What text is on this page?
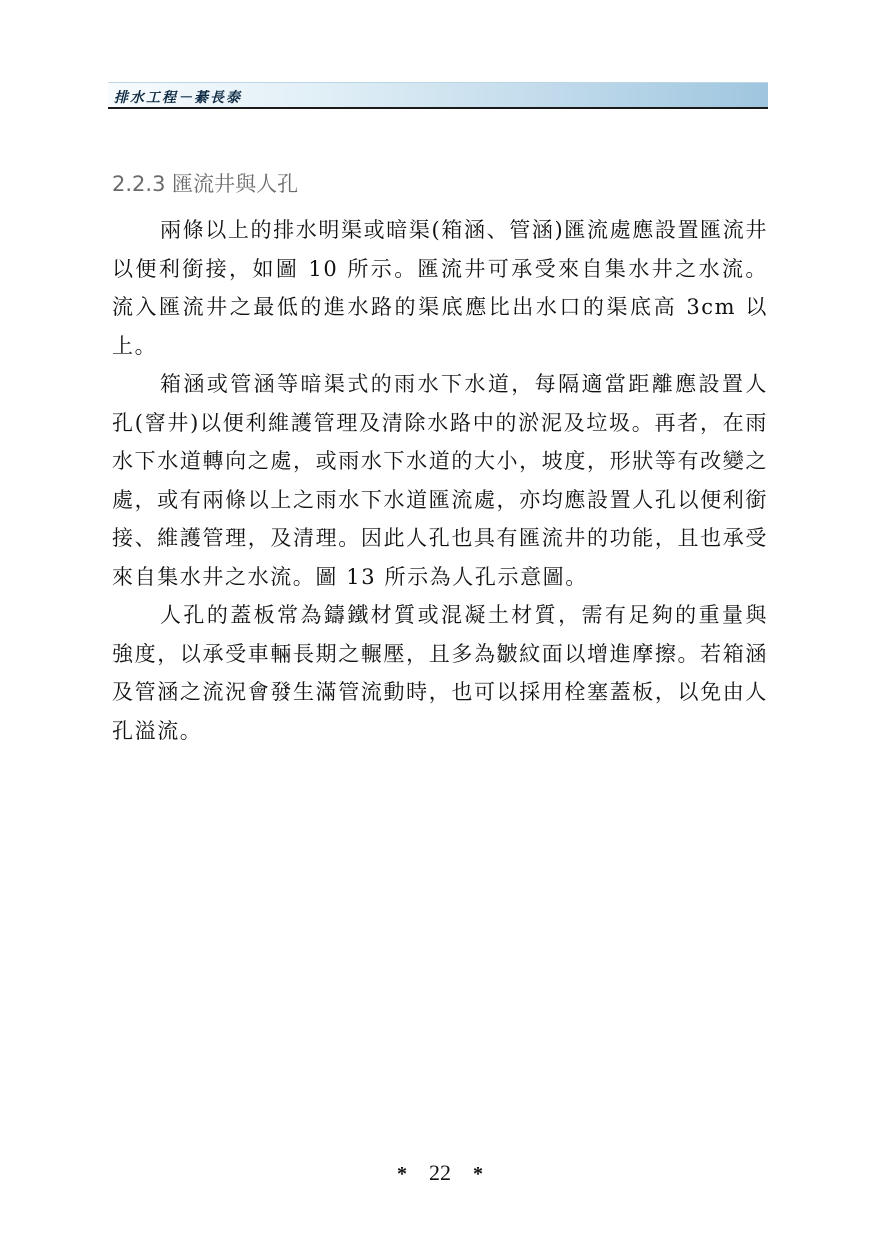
排水工程－綦長泰
2.2.3 匯流井與人孔

兩條以上的排水明渠或暗渠(箱涵、管涵)匯流處應設置匯流井以便利銜接，如圖 10 所示。匯流井可承受來自集水井之水流。流入匯流井之最低的進水路的渠底應比出水口的渠底高 3cm 以上。

箱涵或管涵等暗渠式的雨水下水道，每隔適當距離應設置人孔(窨井)以便利維護管理及清除水路中的淤泥及垃圾。再者，在雨水下水道轉向之處，或雨水下水道的大小，坡度，形狀等有改變之處，或有兩條以上之雨水下水道匯流處，亦均應設置人孔以便利銜接、維護管理，及清理。因此人孔也具有匯流井的功能，且也承受來自集水井之水流。圖 13 所示為人孔示意圖。

人孔的蓋板常為鑄鐵材質或混凝土材質，需有足夠的重量與強度，以承受車輛長期之輾壓，且多為皺紋面以增進摩擦。若箱涵及管涵之流況會發生滿管流動時，也可以採用栓塞蓋板，以免由人孔溢流。

* 22 *
